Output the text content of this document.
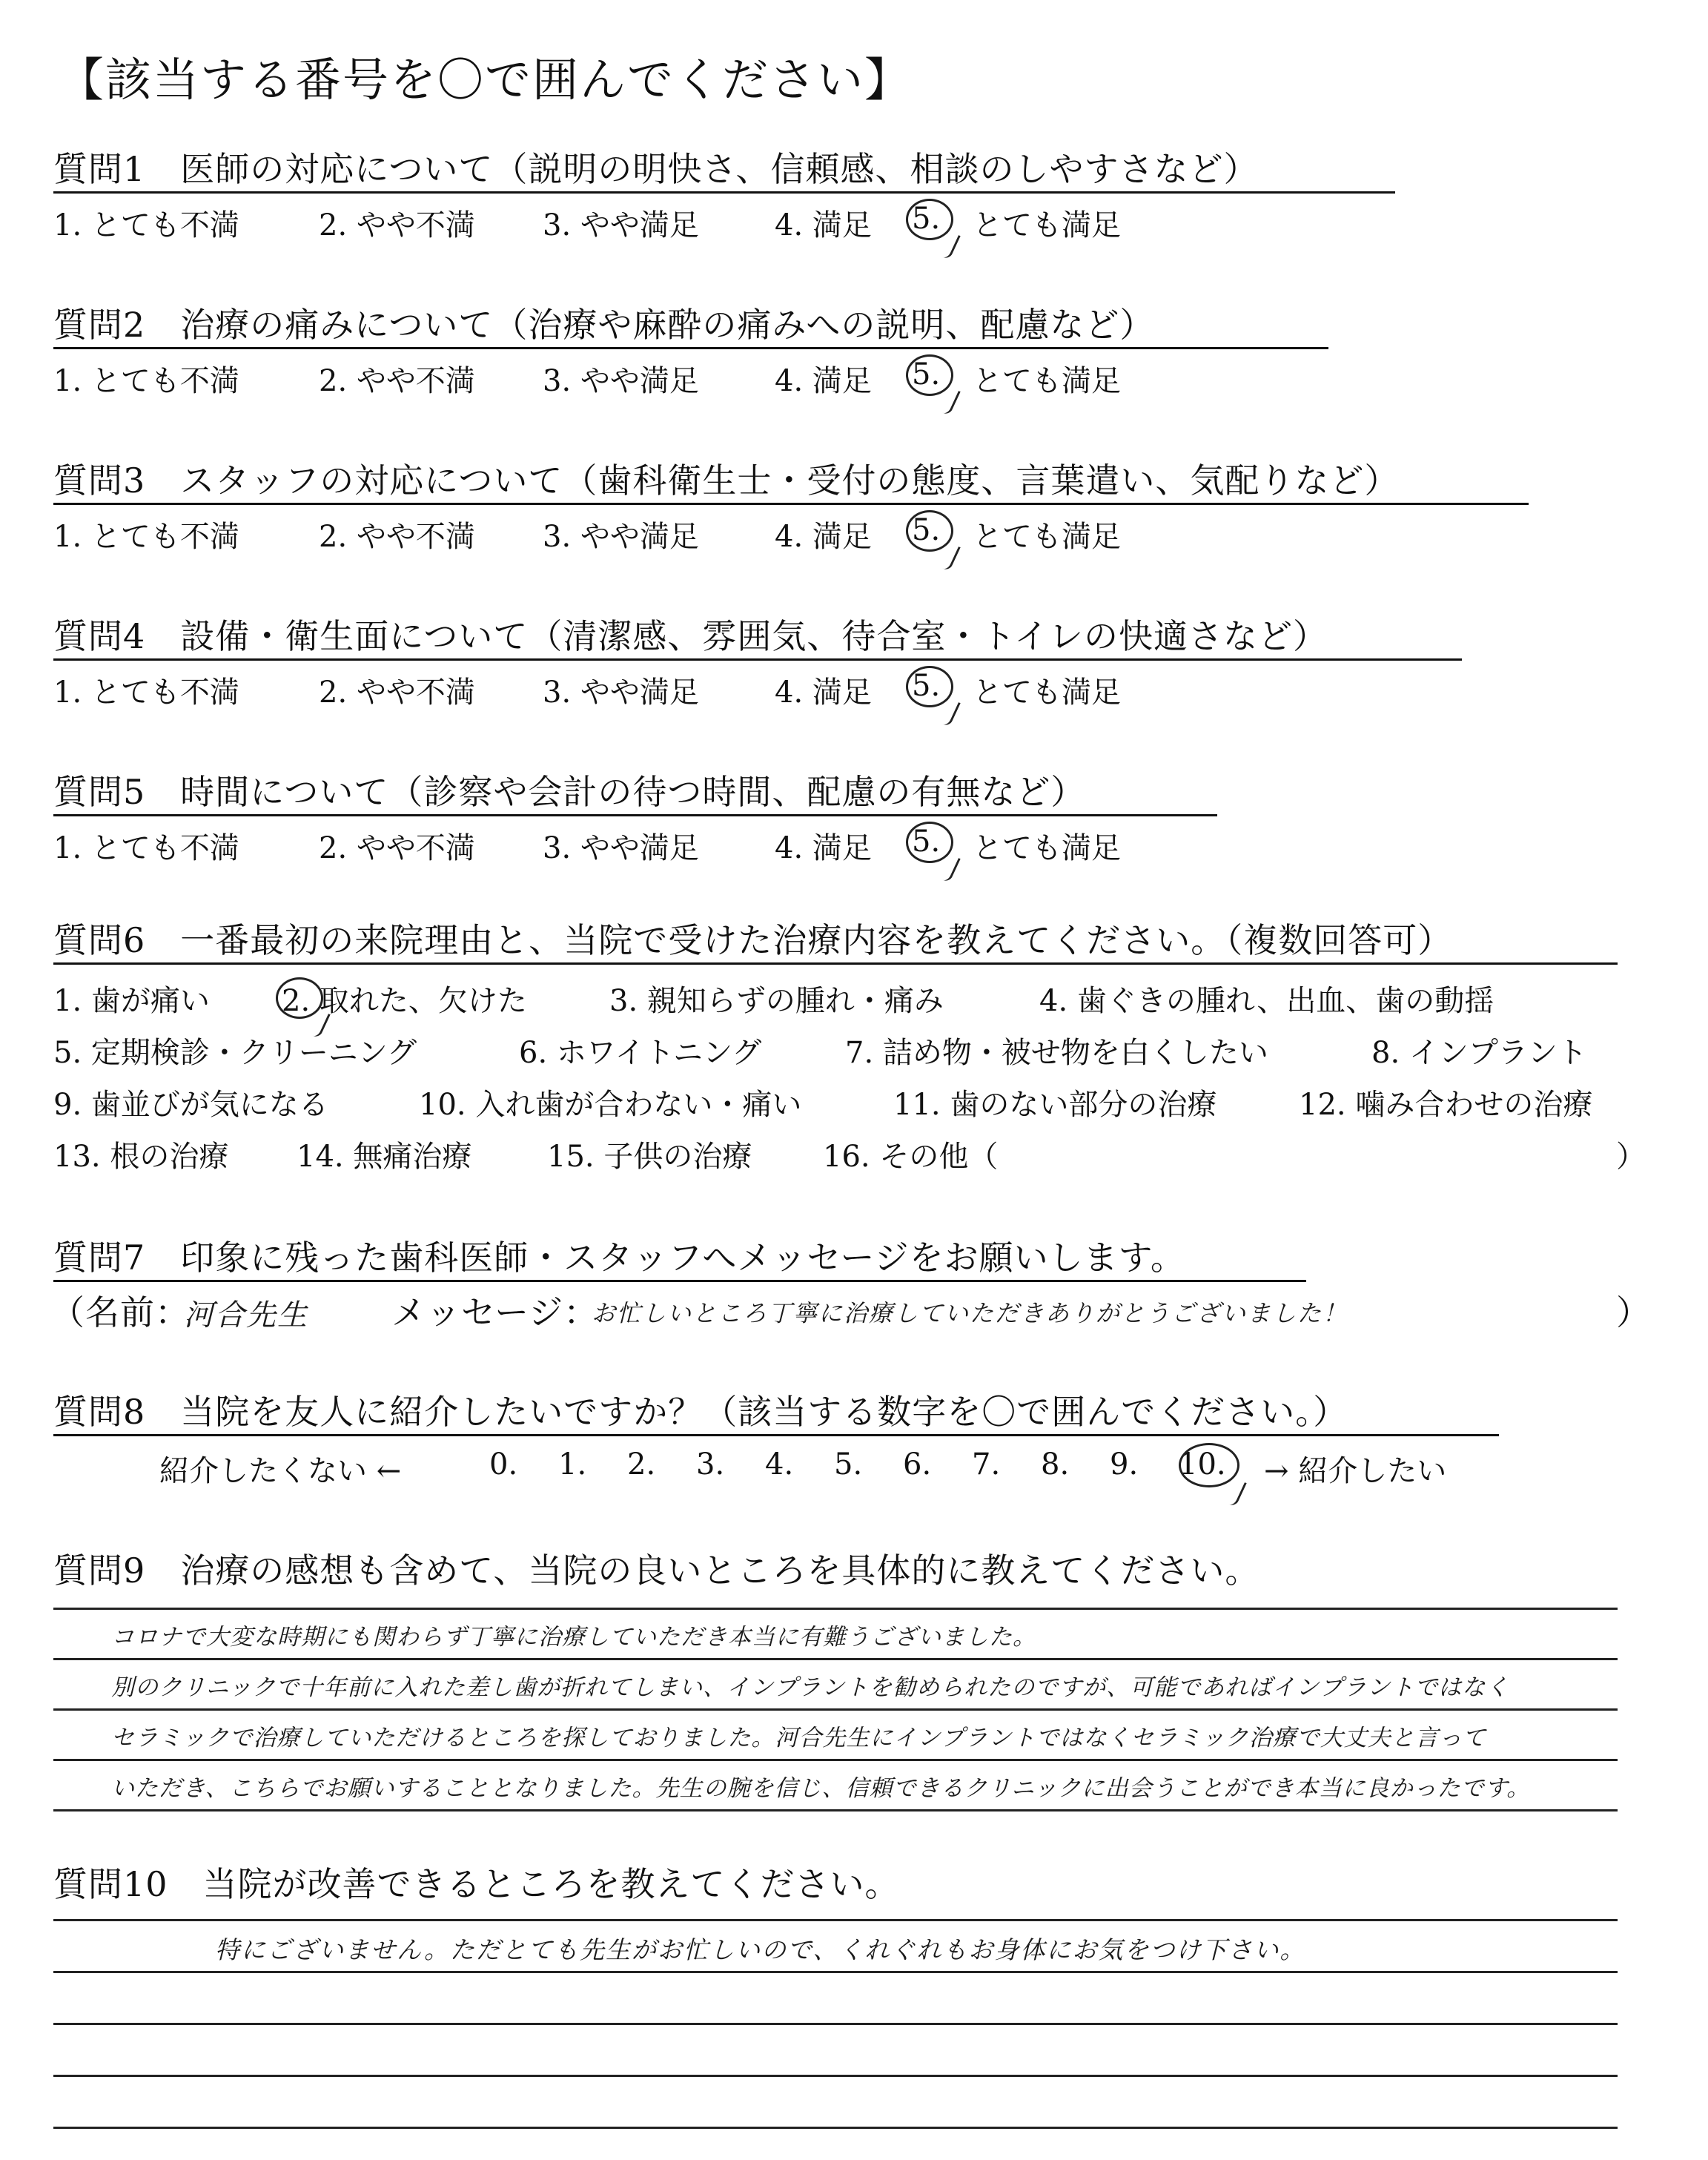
【該当する番号を〇で囲んでください】
質問1　医師の対応について（説明の明快さ、信頼感、相談のしやすさなど）
1. とても不満	2. やや不満 3. やや満足	4. 満足 5. とても満足
質問2　治療の痛みについて（治療や麻酔の痛みへの説明、配慮など）
1. とても不満	2. やや不満 3. やや満足	4. 満足 5. とても満足
質問3　スタッフの対応について（歯科衛生士・受付の態度、言葉遣い、気配りなど）
1. とても不満	2. やや不満 3. やや満足	4. 満足 5. とても満足
質問4　設備・衛生面について（清潔感、雰囲気、待合室・トイレの快適さなど）
1. とても不満	2. やや不満 3. やや満足	4. 満足 5. とても満足
質問5　時間について（診察や会計の待つ時間、配慮の有無など）
1. とても不満	2. やや不満 3. やや満足	4. 満足 5. とても満足
質問6　一番最初の来院理由と、当院で受けた治療内容を教えてください。（複数回答可）
1. 歯が痛い 2. 取れた、欠けた	3. 親知らずの腫れ・痛み	4. 歯ぐきの腫れ、出血、歯の動揺
5. 定期検診・クリーニング	6. ホワイトニング	7. 詰め物・被せ物を白くしたい	8. インプラント
9. 歯並びが気になる	10. 入れ歯が合わない・痛い	11. 歯のない部分の治療	12. 噛み合わせの治療
13. 根の治療 14. 無痛治療	15. 子供の治療 16. その他（	）
質問7　印象に残った歯科医師・スタッフへメッセージをお願いします。
（名前：
河合先生 メッセージ：
お忙しいところ丁寧に治療していただきありがとうございました！	）
質問8　当院を友人に紹介したいですか？（該当する数字を〇で囲んでください。）
紹介したくない ←	0. 1. 2. 3. 4. 5. 6. 7. 8. 9. 10. → 紹介したい
質問9　治療の感想も含めて、当院の良いところを具体的に教えてください。
コロナで大変な時期にも関わらず丁寧に治療していただき本当に有難うございました。
別のクリニックで十年前に入れた差し歯が折れてしまい、インプラントを勧められたのですが、可能であればインプラントではなく
セラミックで治療していただけるところを探しておりました。河合先生にインプラントではなくセラミック治療で大丈夫と言って
いただき、こちらでお願いすることとなりました。先生の腕を信じ、信頼できるクリニックに出会うことができ本当に良かったです。
質問10　当院が改善できるところを教えてください。
特にございません。ただとても先生がお忙しいので、くれぐれもお身体にお気をつけ下さい。
